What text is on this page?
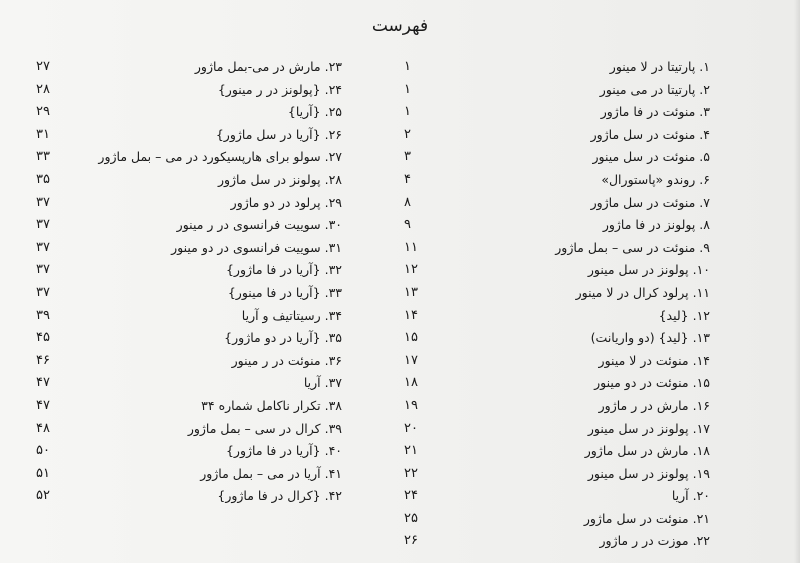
فهرست
۱. پارتیتا در لا مینور
۱
۲. پارتیتا در می مینور
۱
۳. منوئت در فا ماژور
۱
۴. منوئت در سل ماژور
۲
۵. منوئت در سل مینور
۳
۶. روندو «پاستورال»
۴
۷. منوئت در سل ماژور
۸
۸. پولونز در فا ماژور
۹
۹. منوئت در سی – بمل ماژور
۱۱
۱۰. پولونز در سل مینور
۱۲
۱۱. پرلود کرال در لا مینور
۱۳
۱۲. {لید}
۱۴
۱۳. {لید} (دو واریانت)
۱۵
۱۴. منوئت در لا مینور
۱۷
۱۵. منوئت در دو مینور
۱۸
۱۶. مارش در ر ماژور
۱۹
۱۷. پولونز در سل مینور
۲۰
۱۸. مارش در سل ماژور
۲۱
۱۹. پولونز در سل مینور
۲۲
۲۰. آریا
۲۴
۲۱. منوئت در سل ماژور
۲۵
۲۲. موزت در ر ماژور
۲۶
۲۳. مارش در می-بمل ماژور
۲۷
۲۴. {پولونز در ر مینور}
۲۸
۲۵. {آریا}
۲۹
۲۶. {آریا در سل ماژور}
۳۱
۲۷. سولو برای هارپسیکورد در می – بمل ماژور
۳۳
۲۸. پولونز در سل ماژور
۳۵
۲۹. پرلود در دو ماژور
۳۷
۳۰. سوییت فرانسوی در ر مینور
۳۷
۳۱. سوییت فرانسوی در دو مینور
۳۷
۳۲. {آریا در فا ماژور}
۳۷
۳۳. {آریا در فا مینور}
۳۷
۳۴. رسیتاتیف و آریا
۳۹
۳۵. {آریا در دو ماژور}
۴۵
۳۶. منوئت در ر مینور
۴۶
۳۷. آریا
۴۷
۳۸. تکرار ناکامل شماره ۳۴
۴۷
۳۹. کرال در سی – بمل ماژور
۴۸
۴۰. {آریا در فا ماژور}
۵۰
۴۱. آریا در می – بمل ماژور
۵۱
۴۲. {کرال در فا ماژور}
۵۲
